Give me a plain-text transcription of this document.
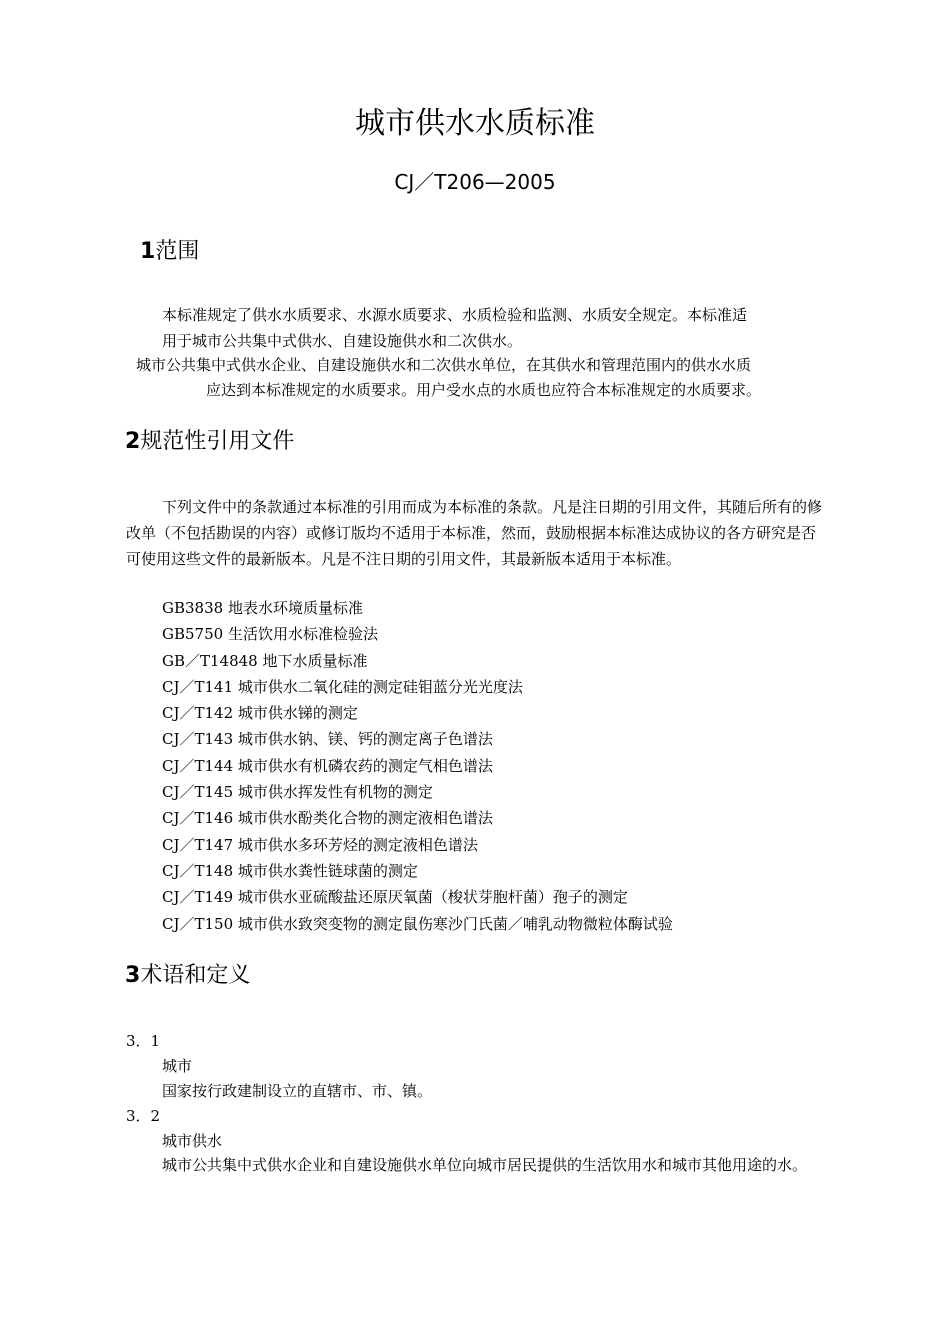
城市供水水质标准
CJ／T206—2005
1范围
本标准规定了供水水质要求、水源水质要求、水质检验和监测、水质安全规定。本标准适
用于城市公共集中式供水、自建设施供水和二次供水。
城市公共集中式供水企业、自建设施供水和二次供水单位，在其供水和管理范围内的供水水质
应达到本标准规定的水质要求。用户受水点的水质也应符合本标准规定的水质要求。
2规范性引用文件
下列文件中的条款通过本标准的引用而成为本标准的条款。凡是注日期的引用文件，其随后所有的修改单（不包括勘误的内容）或修订版均不适用于本标准，然而，鼓励根据本标准达成协议的各方研究是否可使用这些文件的最新版本。凡是不注日期的引用文件，其最新版本适用于本标准。
GB3838 地表水环境质量标准
GB5750 生活饮用水标准检验法
GB／T14848 地下水质量标准
CJ／T141 城市供水二氧化硅的测定硅钼蓝分光光度法
CJ／T142 城市供水锑的测定
CJ／T143 城市供水钠、镁、钙的测定离子色谱法
CJ／T144 城市供水有机磷农药的测定气相色谱法
CJ／T145 城市供水挥发性有机物的测定
CJ／T146 城市供水酚类化合物的测定液相色谱法
CJ／T147 城市供水多环芳烃的测定液相色谱法
CJ／T148 城市供水粪性链球菌的测定
CJ／T149 城市供水亚硫酸盐还原厌氧菌（梭状芽胞杆菌）孢子的测定
CJ／T150 城市供水致突变物的测定鼠伤寒沙门氏菌／哺乳动物微粒体酶试验
3术语和定义
3．1
城市
国家按行政建制设立的直辖市、市、镇。
3．2
城市供水
城市公共集中式供水企业和自建设施供水单位向城市居民提供的生活饮用水和城市其他用途的水。
